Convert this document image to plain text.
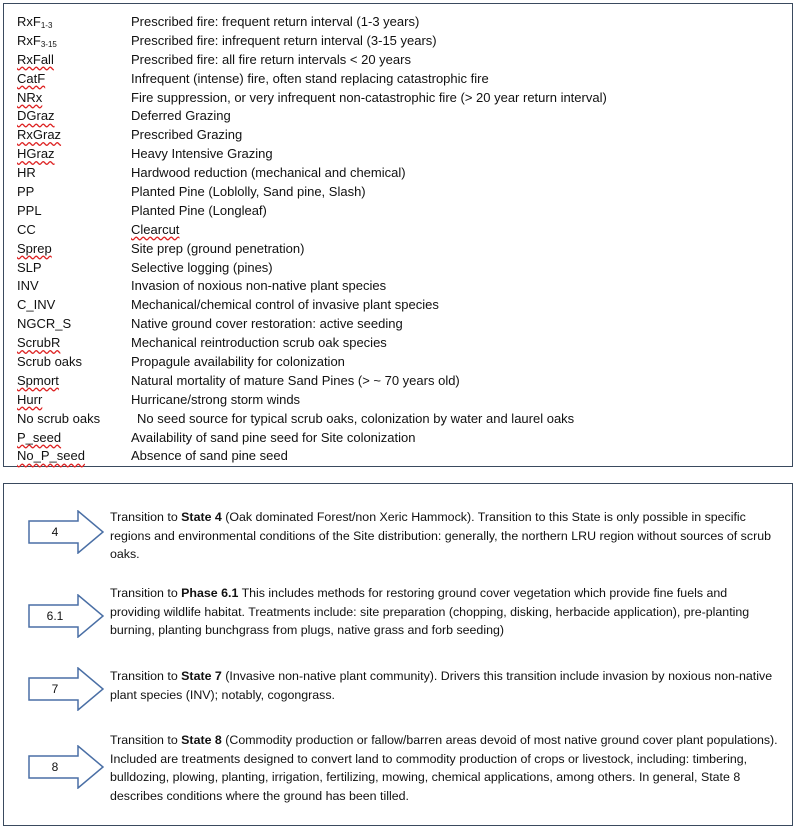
RxF$_{1-3}$	Prescribed fire: frequent return interval (1-3 years)
RxF$_{3-15}$	Prescribed fire: infrequent return interval (3-15 years)
RxFall	Prescribed fire: all fire return intervals < 20 years
CatF	Infrequent (intense) fire, often stand replacing catastrophic fire
NRx	Fire suppression, or very infrequent non-catastrophic fire (> 20 year return interval)
DGraz	Deferred Grazing
RxGraz	Prescribed Grazing
HGraz	Heavy Intensive Grazing
HR	Hardwood reduction (mechanical and chemical)
PP	Planted Pine (Loblolly, Sand pine, Slash)
PPL	Planted Pine (Longleaf)
CC	Clearcut
Sprep	Site prep (ground penetration)
SLP	Selective logging (pines)
INV	Invasion of noxious non-native plant species
C_INV	Mechanical/chemical control of invasive plant species
NGCR_S	Native ground cover restoration: active seeding
ScrubR	Mechanical reintroduction scrub oak species
Scrub oaks	Propagule availability for colonization
Spmort	Natural mortality of mature Sand Pines (> ~ 70 years old)
Hurr	Hurricane/strong storm winds
No scrub oaks	No seed source for typical scrub oaks, colonization by water and laurel oaks
P_seed	Availability of sand pine seed for Site colonization
No_P_seed	Absence of sand pine seed
4
Transition to State 4 (Oak dominated Forest/non Xeric Hammock). Transition to this State is only possible in specific regions and environmental conditions of the Site distribution: generally, the northern LRU region without sources of scrub oaks.
6.1
Transition to Phase 6.1 This includes methods for restoring ground cover vegetation which provide fine fuels and providing wildlife habitat. Treatments include: site preparation (chopping, disking, herbacide application), pre-planting burning, planting bunchgrass from plugs, native grass and forb seeding)
7
Transition to State 7 (Invasive non-native plant community). Drivers this transition include invasion by noxious non-native plant species (INV); notably, cogongrass.
8
Transition to State 8 (Commodity production or fallow/barren areas devoid of most native ground cover plant populations). Included are treatments designed to convert land to commodity production of crops or livestock, including: timbering, bulldozing, plowing, planting, irrigation, fertilizing, mowing, chemical applications, among others. In general, State 8 describes conditions where the ground has been tilled.
